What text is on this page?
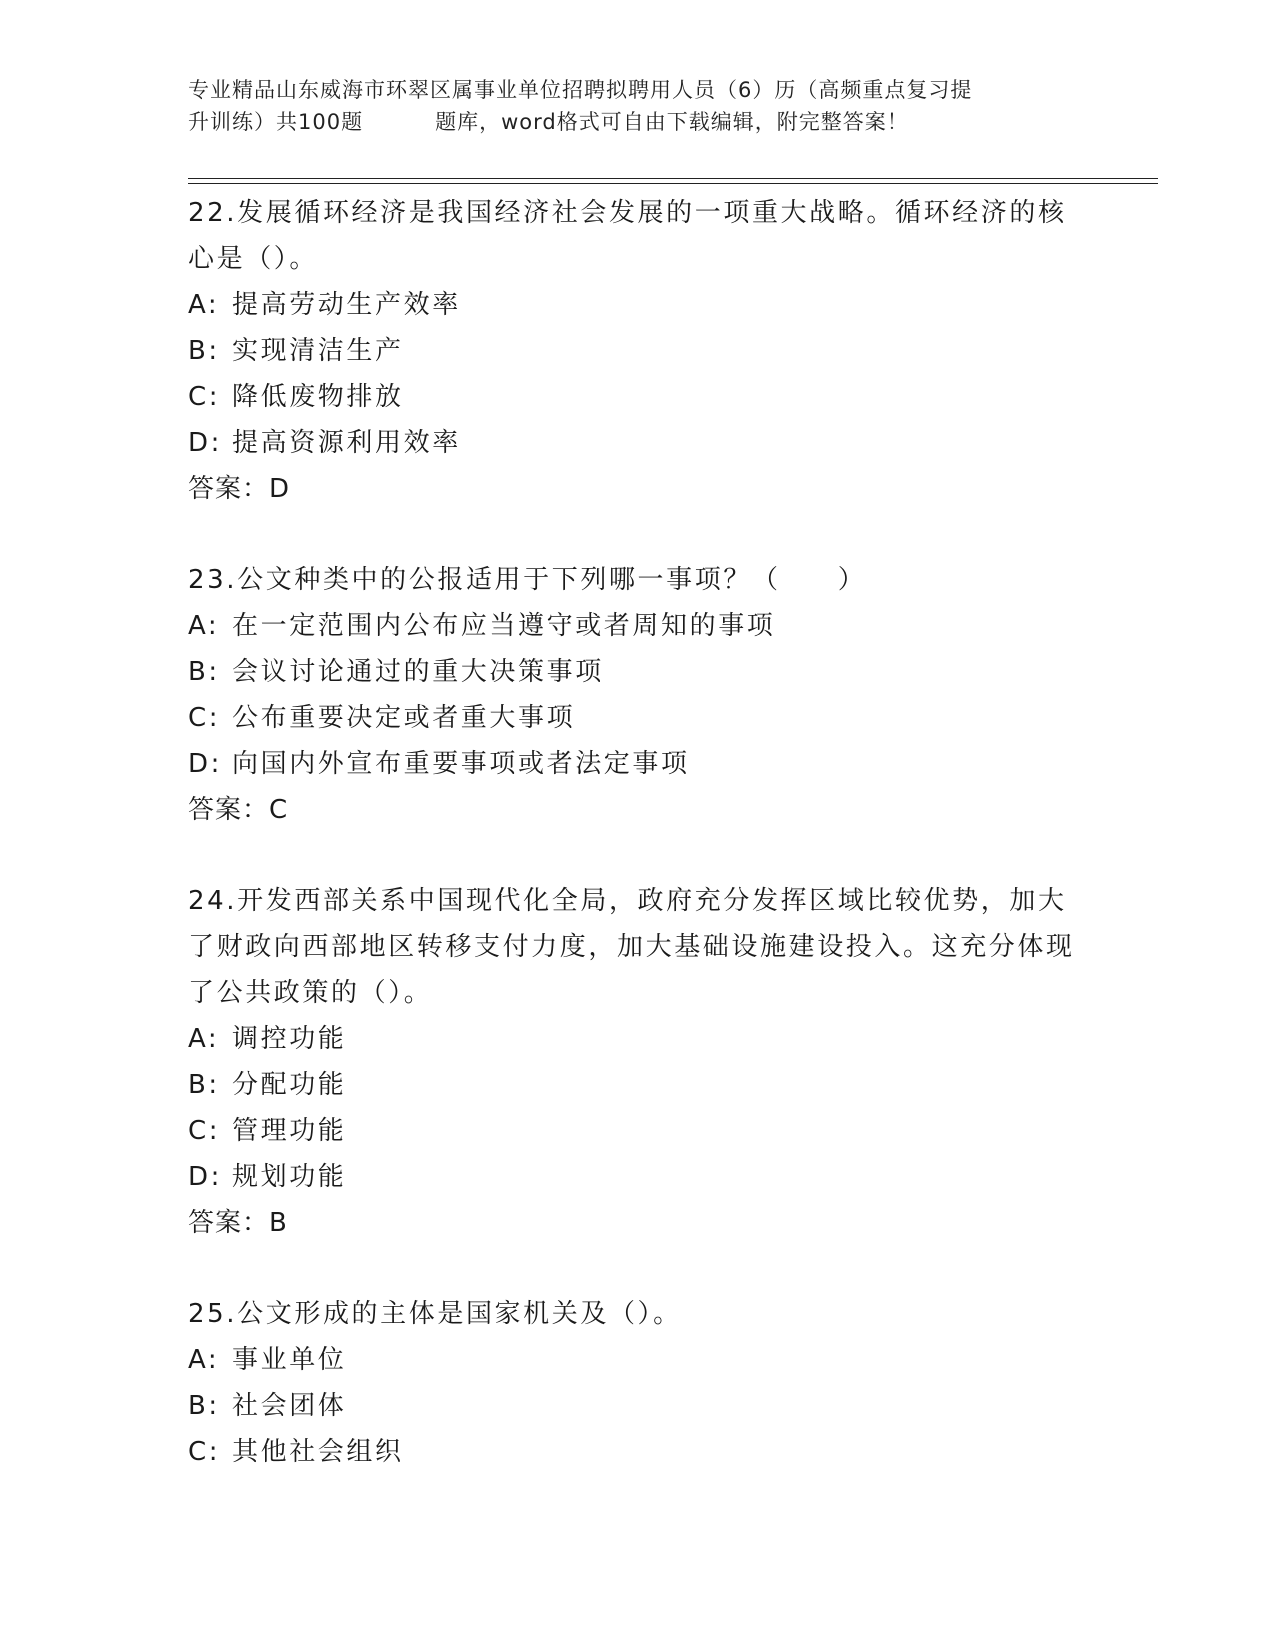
专业精品山东威海市环翠区属事业单位招聘拟聘用人员（6）历（高频重点复习提
升训练）共100题	题库，word格式可自由下载编辑，附完整答案！
22.发展循环经济是我国经济社会发展的一项重大战略。循环经济的核心是（）。
A: 提高劳动生产效率
B: 实现清洁生产
C: 降低废物排放
D: 提高资源利用效率
答案：D
23.公文种类中的公报适用于下列哪一事项？（　　）
A: 在一定范围内公布应当遵守或者周知的事项
B: 会议讨论通过的重大决策事项
C: 公布重要决定或者重大事项
D: 向国内外宣布重要事项或者法定事项
答案：C
24.开发西部关系中国现代化全局，政府充分发挥区域比较优势，加大了财政向西部地区转移支付力度，加大基础设施建设投入。这充分体现了公共政策的（）。
A: 调控功能
B: 分配功能
C: 管理功能
D: 规划功能
答案：B
25.公文形成的主体是国家机关及（）。
A: 事业单位
B: 社会团体
C: 其他社会组织
